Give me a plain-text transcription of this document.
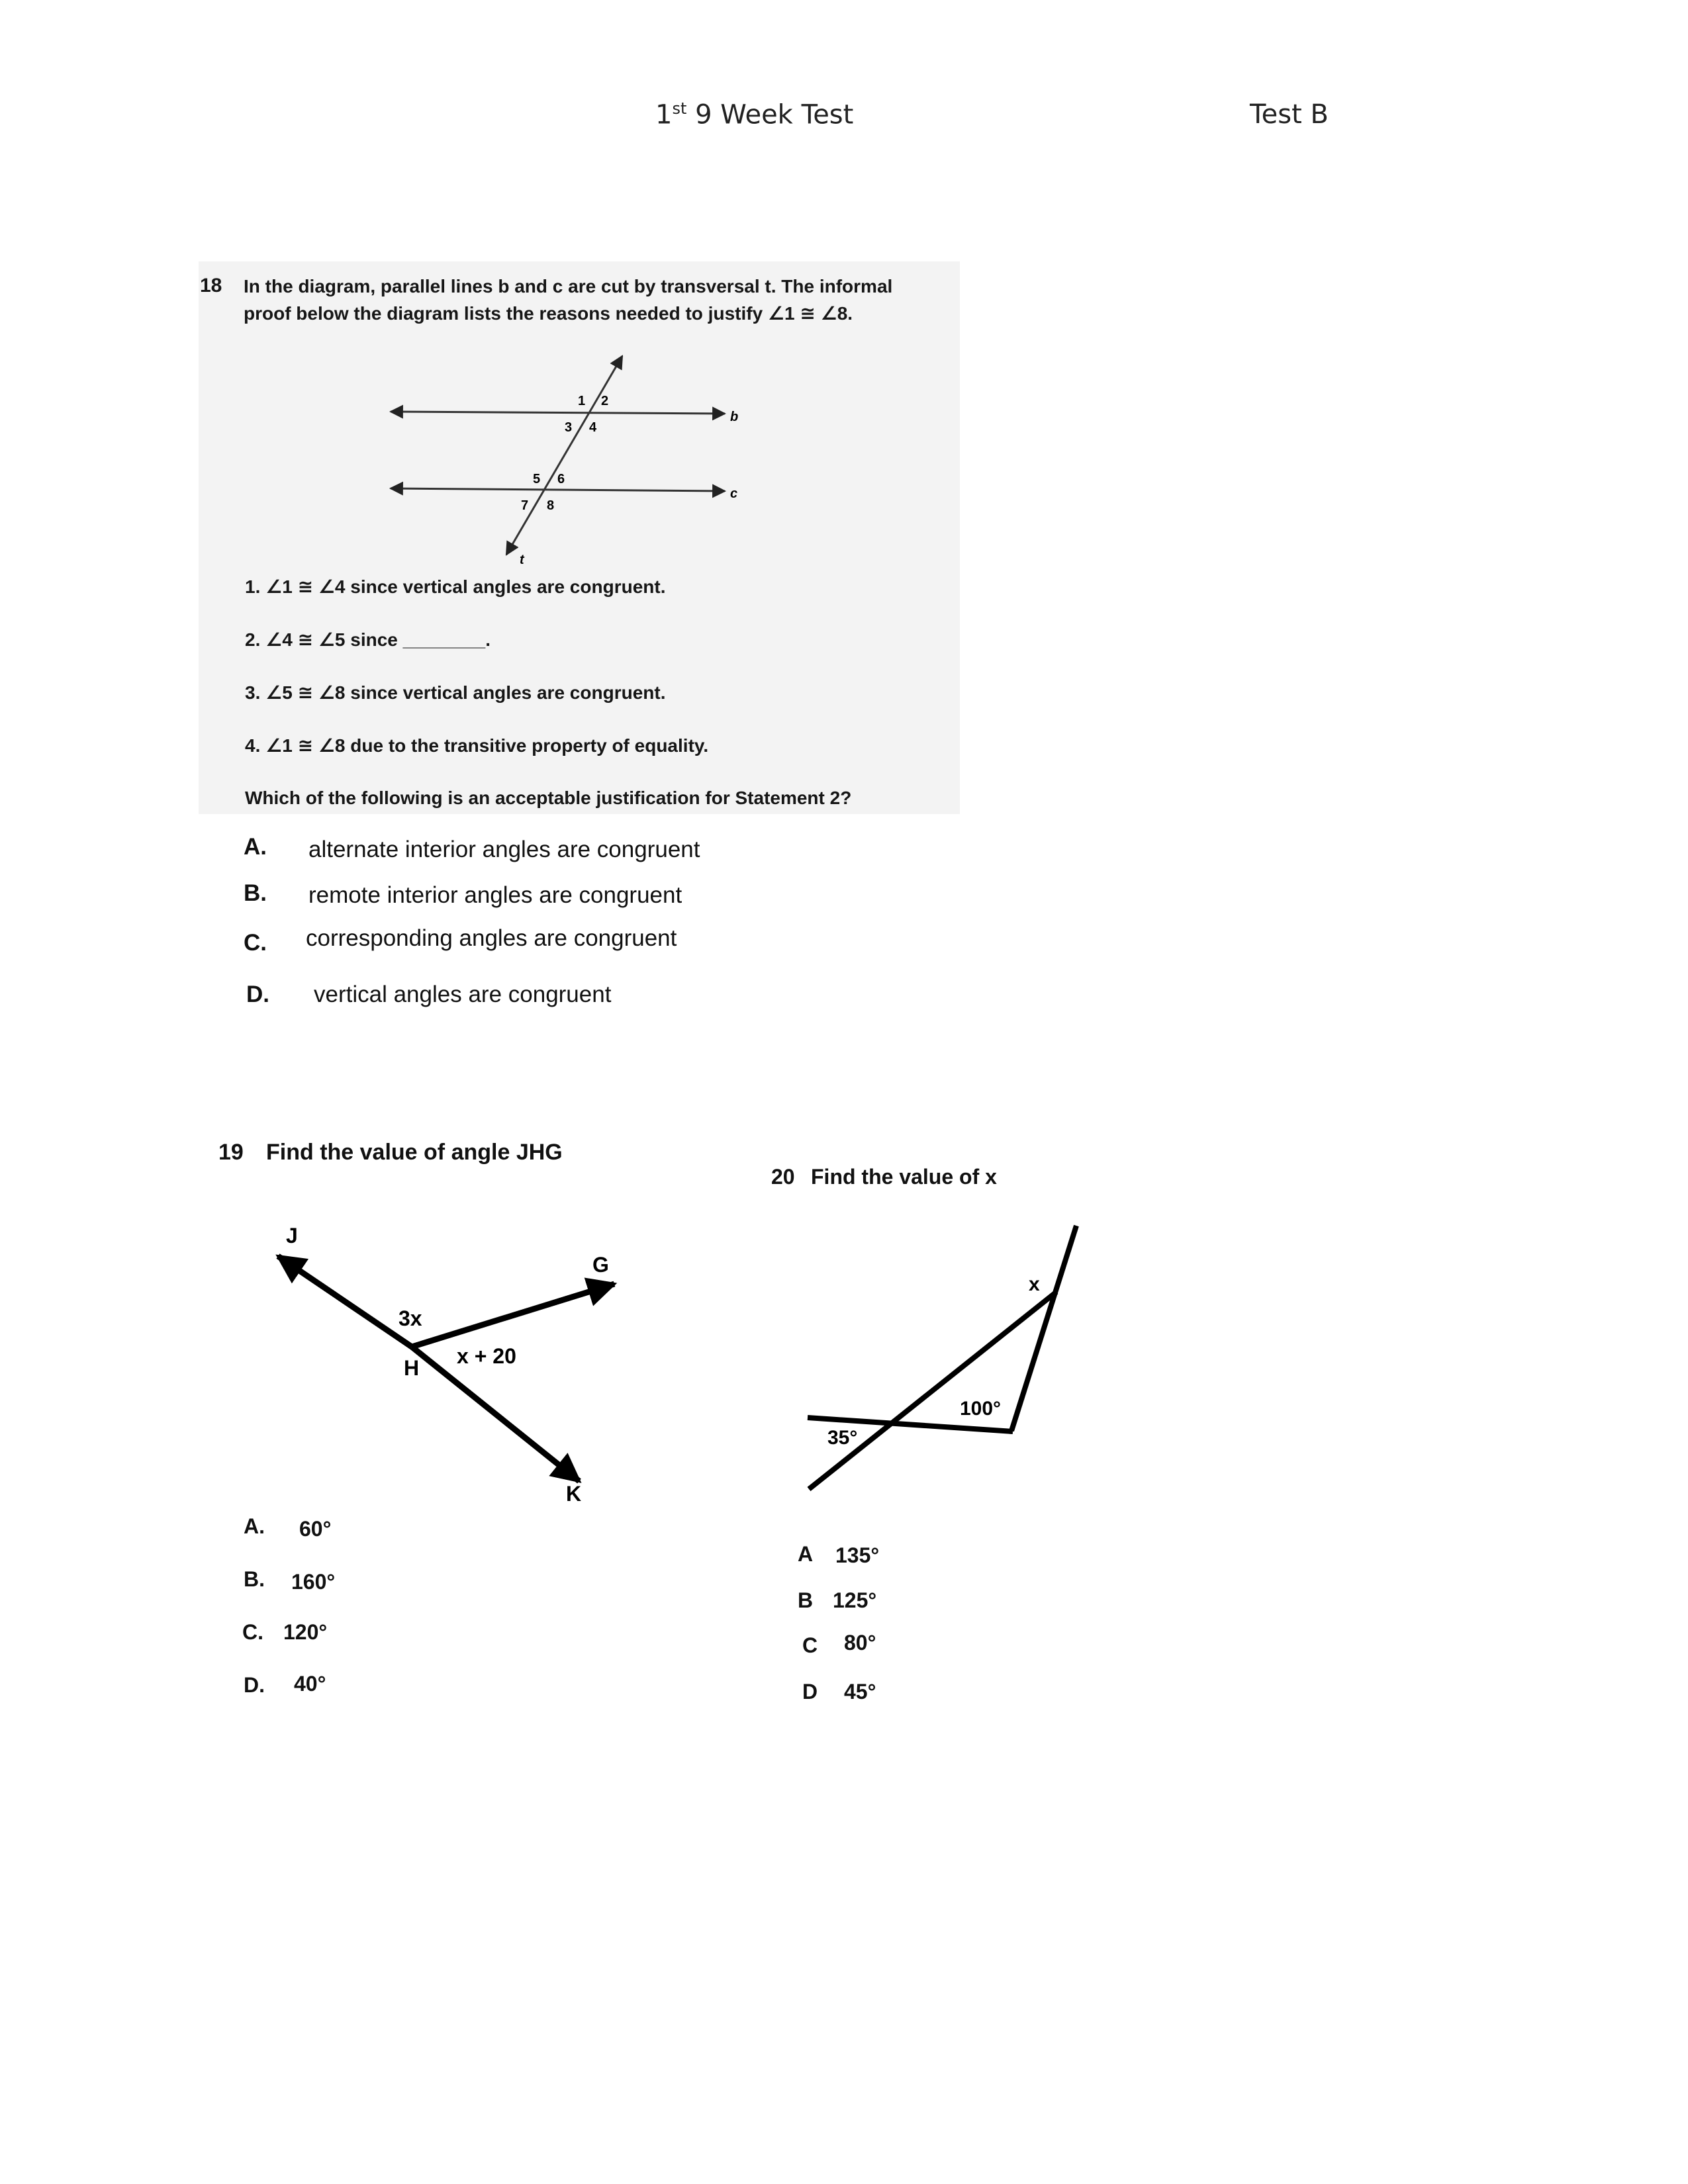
1st 9 Week Test	Test B
18 In the diagram, parallel lines b and c are cut by transversal t. The informal
proof below the diagram lists the reasons needed to justify ∠1 ≅ ∠8.
b
c
t
1 2
3 4
5 6
7 8
1. ∠1 ≅ ∠4 since vertical angles are congruent.
2. ∠4 ≅ ∠5 since ________.
3. ∠5 ≅ ∠8 since vertical angles are congruent.
4. ∠1 ≅ ∠8 due to the transitive property of equality.
Which of the following is an acceptable justification for Statement 2?
A. alternate interior angles are congruent
B. remote interior angles are congruent
C. corresponding angles are congruent
D. vertical angles are congruent
19 Find the value of angle JHG
J
G
H
K
3x
x + 20
A. 60°
B. 160°
C. 120°
D. 40°
20 Find the value of x
x
100°
35°
A 135°
B 125°
C 80°
D 45°
